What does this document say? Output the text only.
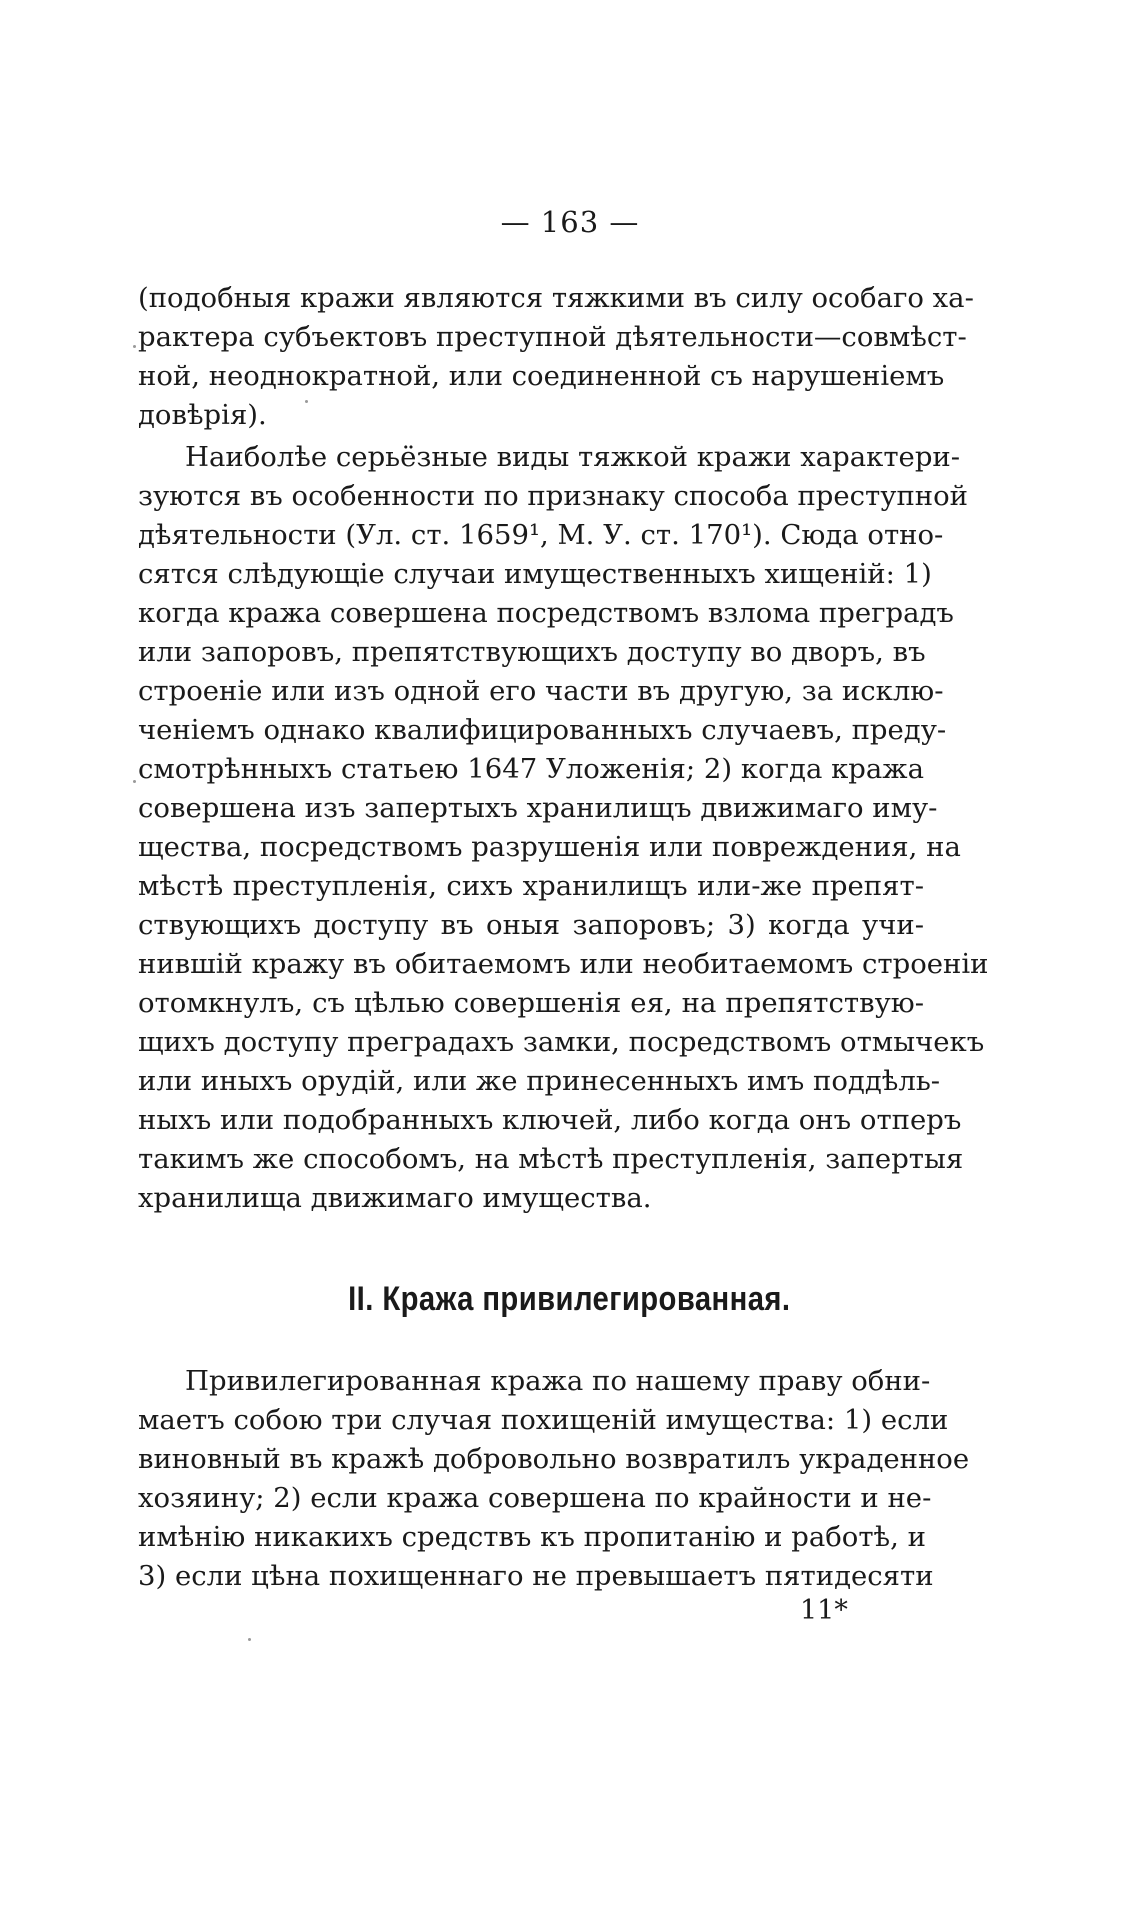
— 163 —
(подобныя кражи являются тяжкими въ силу особаго ха-
рактера субъектовъ преступной дѣятельности—совмѣст-
ной, неоднократной, или соединенной съ нарушеніемъ
довѣрія).
Наиболѣе серьёзные виды тяжкой кражи характери-
зуются въ особенности по признаку способа преступной
дѣятельности (Ул. ст. 1659¹, М. У. ст. 170¹). Сюда отно-
сятся слѣдующіе случаи имущественныхъ хищеній: 1)
когда кража совершена посредствомъ взлома преградъ
или запоровъ, препятствующихъ доступу во дворъ, въ
строеніе или изъ одной его части въ другую, за исклю-
ченіемъ однако квалифицированныхъ случаевъ, преду-
смотрѣнныхъ статьею 1647 Уложенія; 2) когда кража
совершена изъ запертыхъ хранилищъ движимаго иму-
щества, посредствомъ разрушенія или повреждения, на
мѣстѣ преступленія, сихъ хранилищъ или-же препят-
ствующихъ доступу въ оныя запоровъ; 3) когда учи-
нившій кражу въ обитаемомъ или необитаемомъ строеніи
отомкнулъ, съ цѣлью совершенія ея, на препятствую-
щихъ доступу преградахъ замки, посредствомъ отмычекъ
или иныхъ орудій, или же принесенныхъ имъ поддѣль-
ныхъ или подобранныхъ ключей, либо когда онъ отперъ
такимъ же способомъ, на мѣстѣ преступленія, запертыя
хранилища движимаго имущества.
II. Кража привилегированная.
Привилегированная кража по нашему праву обни-
маетъ собою три случая похищеній имущества: 1) если
виновный въ кражѣ добровольно возвратилъ украденное
хозяину; 2) если кража совершена по крайности и не-
имѣнію никакихъ средствъ къ пропитанію и работѣ, и
3) если цѣна похищеннаго не превышаетъ пятидесяти
11*
